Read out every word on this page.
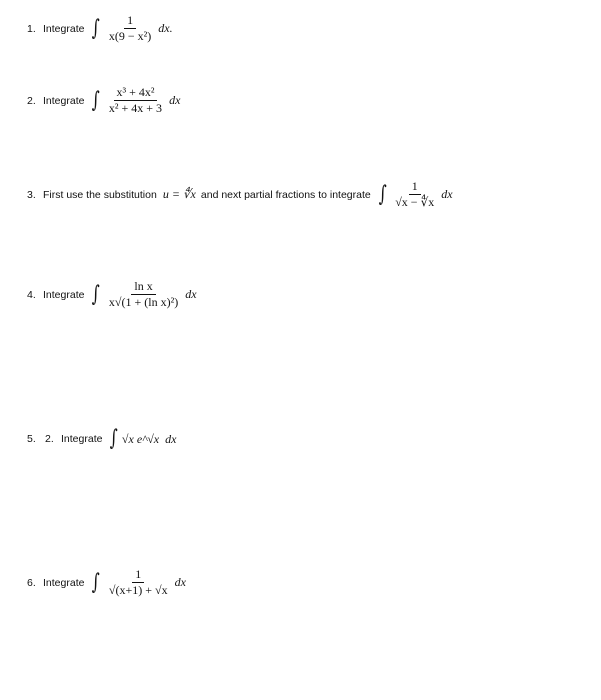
1. Integrate ∫ $\frac{1}{\text{x(9 − x²)}}$ dx.
2. Integrate ∫ $\frac{\text{x³ + 4x²}}{\text{x² + 4x + 3}}$ dx
3. First use the substitution u = ∜x and next partial fractions to integrate ∫ $\frac{1}{√x - ∜x}$ dx
4. Integrate ∫ $\frac{\text{ln x}}{\text{x√(1 + (ln x)²)}}$ dx
5. 2. Integrate ∫ √x e^√x dx
6. Integrate ∫ $\frac{1}{√(x+1) + √x}$ dx
